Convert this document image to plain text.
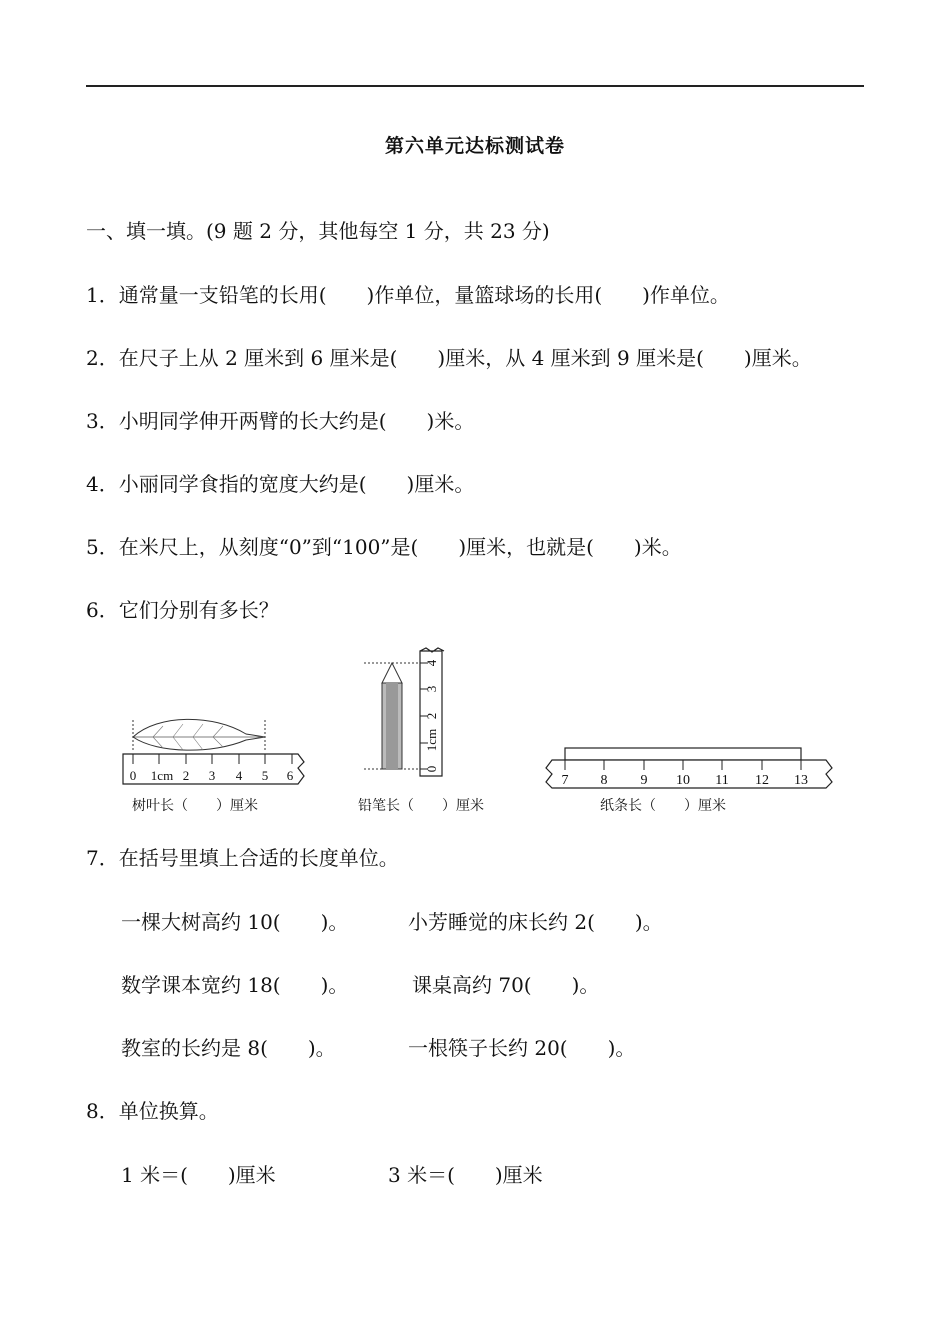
第六单元达标测试卷
一、填一填。(9 题 2 分，其他每空 1 分，共 23 分)
1．通常量一支铅笔的长用(　　)作单位，量篮球场的长用(　　)作单位。
2．在尺子上从 2 厘米到 6 厘米是(　　)厘米，从 4 厘米到 9 厘米是(　　)厘米。
3．小明同学伸开两臂的长大约是(　　)米。
4．小丽同学食指的宽度大约是(　　)厘米。
5．在米尺上，从刻度“0”到“100”是(　　)厘米，也就是(　　)米。
6．它们分别有多长？
0 1cm 2 3 4 5 6
树叶长（　　）厘米
0
1cm
2
3
4
铅笔长（　　）厘米
7 8 9 10 11 12 13
纸条长（　　）厘米
7．在括号里填上合适的长度单位。
一棵大树高约 10(　　)。	小芳睡觉的床长约 2(　　)。
数学课本宽约 18(　　)。	课桌高约 70(　　)。
教室的长约是 8(　　)。	一根筷子长约 20(　　)。
8．单位换算。
1 米＝(　　)厘米	3 米＝(　　)厘米
